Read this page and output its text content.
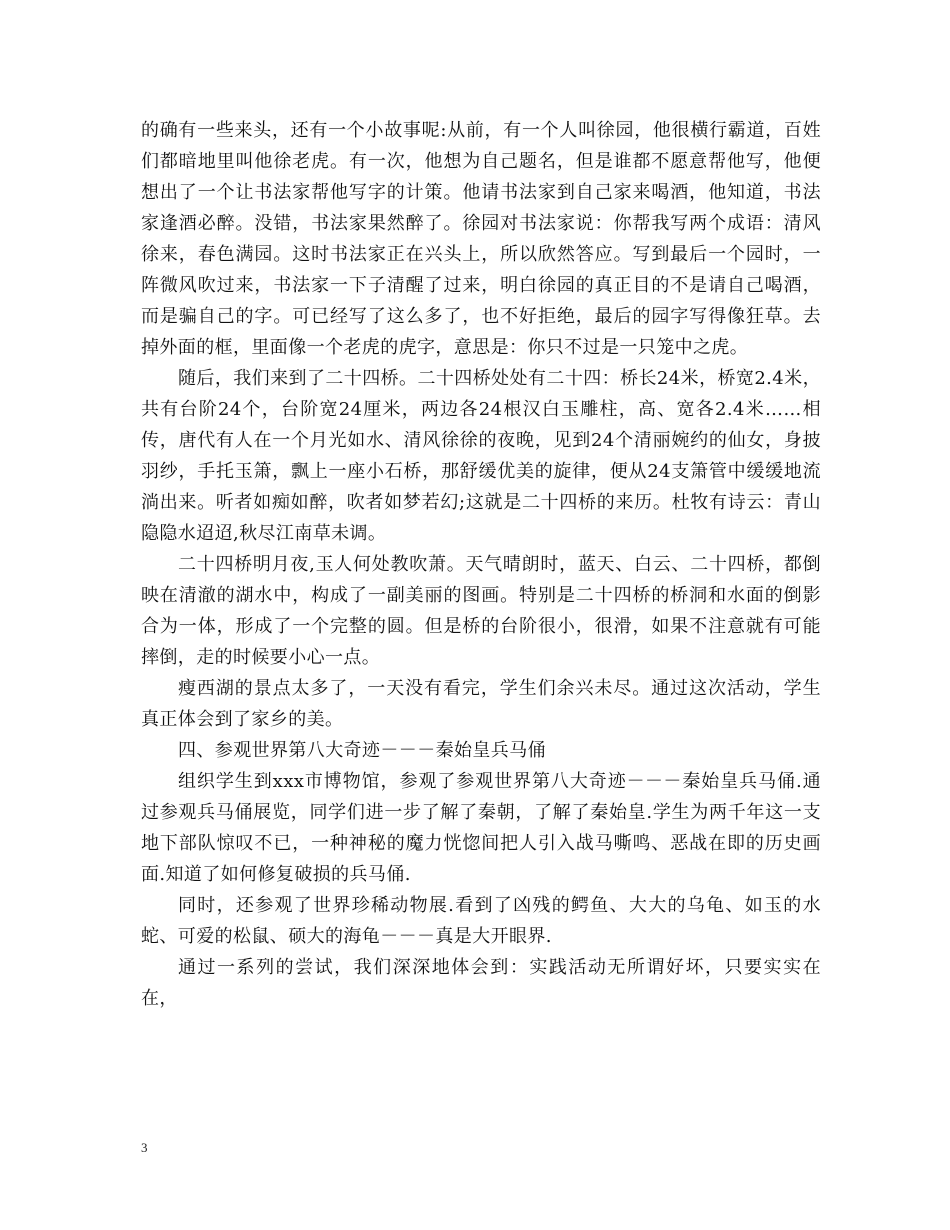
的确有一些来头，还有一个小故事呢:从前，有一个人叫徐园，他很横行霸道，百姓们都暗地里叫他徐老虎。有一次，他想为自己题名，但是谁都不愿意帮他写，他便想出了一个让书法家帮他写字的计策。他请书法家到自己家来喝酒，他知道，书法家逢酒必醉。没错，书法家果然醉了。徐园对书法家说：你帮我写两个成语：清风徐来，春色满园。这时书法家正在兴头上，所以欣然答应。写到最后一个园时，一阵微风吹过来，书法家一下子清醒了过来，明白徐园的真正目的不是请自己喝酒，而是骗自己的字。可已经写了这么多了，也不好拒绝，最后的园字写得像狂草。去掉外面的框，里面像一个老虎的虎字，意思是：你只不过是一只笼中之虎。

随后，我们来到了二十四桥。二十四桥处处有二十四：桥长24米，桥宽2.4米，共有台阶24个，台阶宽24厘米，两边各24根汉白玉雕柱，高、宽各2.4米……相传，唐代有人在一个月光如水、清风徐徐的夜晚，见到24个清丽婉约的仙女，身披羽纱，手托玉箫，飘上一座小石桥，那舒缓优美的旋律，便从24支箫管中缓缓地流淌出来。听者如痴如醉，吹者如梦若幻;这就是二十四桥的来历。杜牧有诗云：青山隐隐水迢迢,秋尽江南草未调。

二十四桥明月夜,玉人何处教吹萧。天气晴朗时，蓝天、白云、二十四桥，都倒映在清澈的湖水中，构成了一副美丽的图画。特别是二十四桥的桥洞和水面的倒影合为一体，形成了一个完整的圆。但是桥的台阶很小，很滑，如果不注意就有可能摔倒，走的时候要小心一点。

瘦西湖的景点太多了，一天没有看完，学生们余兴未尽。通过这次活动，学生真正体会到了家乡的美。

四、参观世界第八大奇迹－－－秦始皇兵马俑

组织学生到xxx市博物馆，参观了参观世界第八大奇迹－－－秦始皇兵马俑.通过参观兵马俑展览，同学们进一步了解了秦朝，了解了秦始皇.学生为两千年这一支地下部队惊叹不已，一种神秘的魔力恍惚间把人引入战马嘶鸣、恶战在即的历史画面.知道了如何修复破损的兵马俑.

同时，还参观了世界珍稀动物展.看到了凶残的鳄鱼、大大的乌龟、如玉的水蛇、可爱的松鼠、硕大的海龟－－－真是大开眼界.

通过一系列的尝试，我们深深地体会到：实践活动无所谓好坏，只要实实在在，

3
